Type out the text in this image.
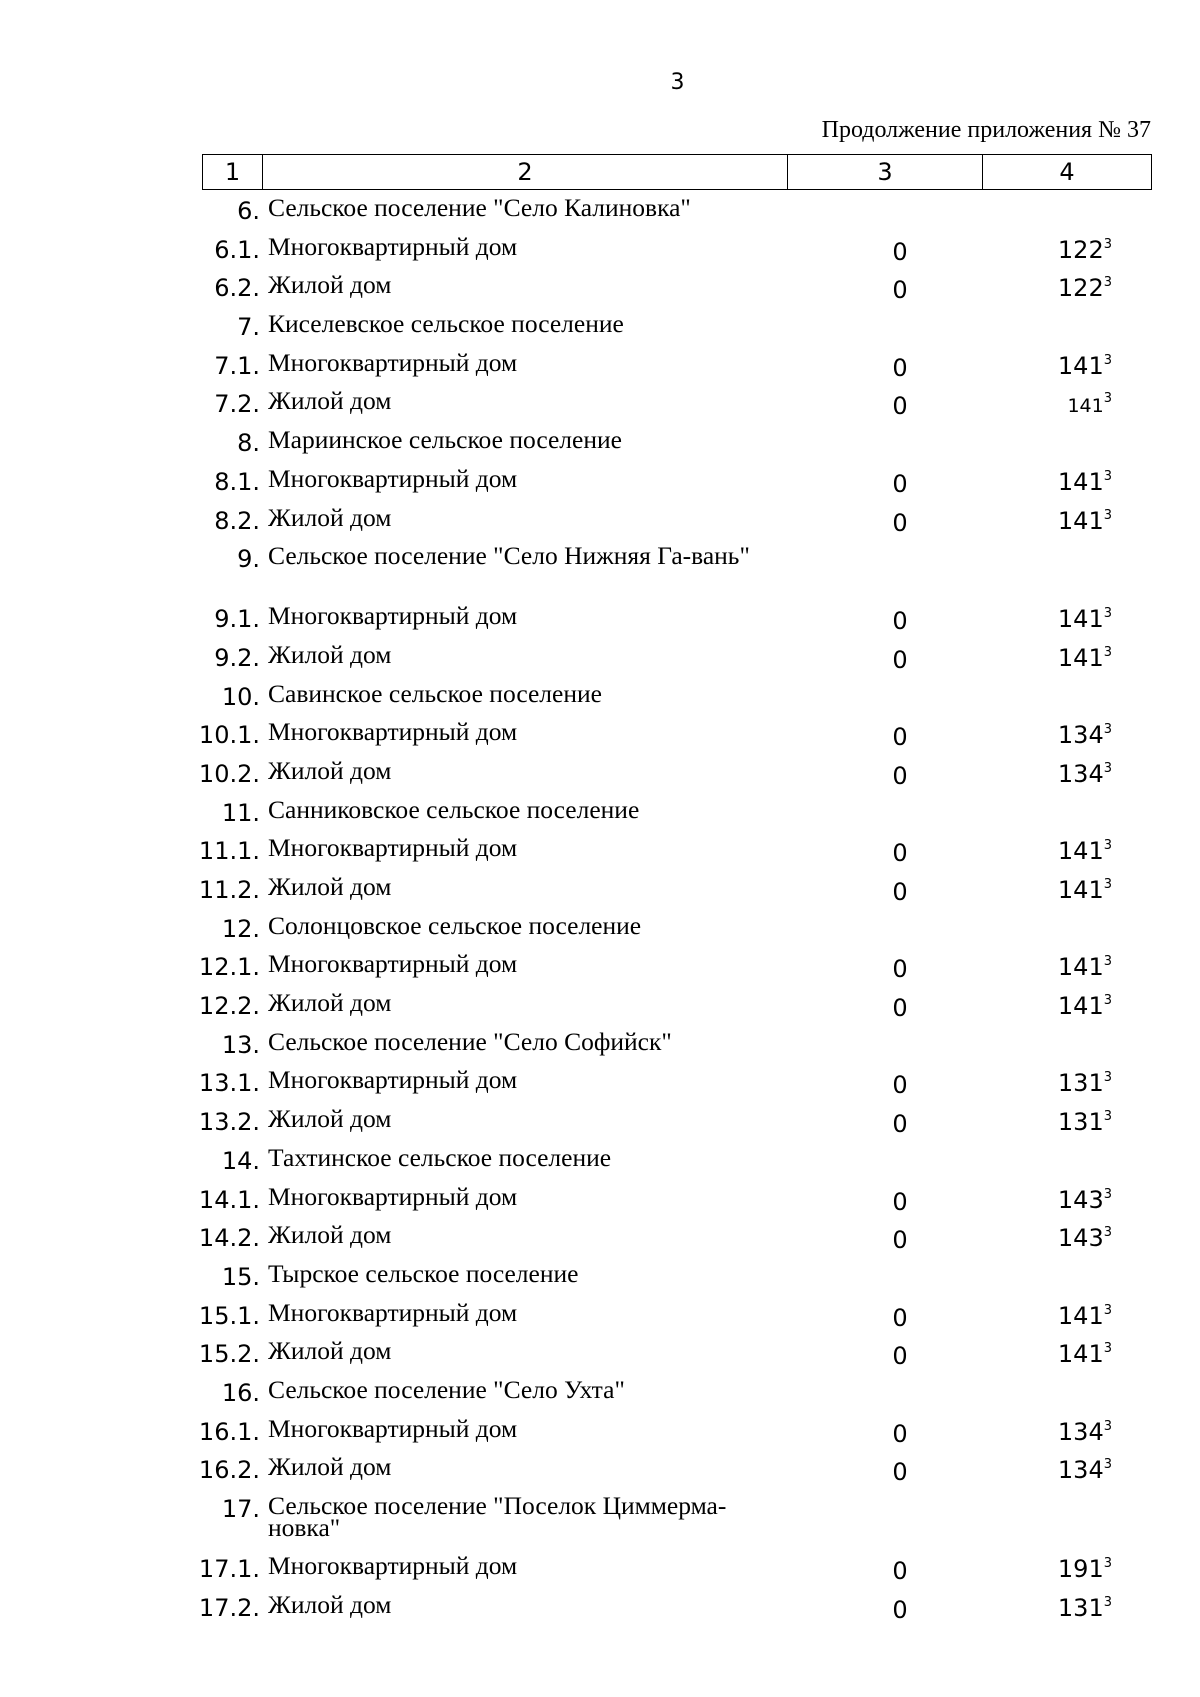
3
Продолжение приложения № 37
1	2	3	4
6. Сельское поселение "Село Калиновка"
6.1. Многоквартирный дом	0	$122^3$
6.2. Жилой дом	0	$122^3$
7. Киселевское сельское поселение
7.1. Многоквартирный дом	0	$141^3$
7.2. Жилой дом	0	$141^3$
8. Мариинское сельское поселение
8.1. Многоквартирный дом	0	$141^3$
8.2. Жилой дом	0	$141^3$
9. Сельское поселение "Село Нижняя Га-вань"
9.1. Многоквартирный дом	0	$141^3$
9.2. Жилой дом	0	$141^3$
10. Савинское сельское поселение
10.1. Многоквартирный дом	0	$134^3$
10.2. Жилой дом	0	$134^3$
11. Санниковское сельское поселение
11.1. Многоквартирный дом	0	$141^3$
11.2. Жилой дом	0	$141^3$
12. Солонцовское сельское поселение
12.1. Многоквартирный дом	0	$141^3$
12.2. Жилой дом	0	$141^3$
13. Сельское поселение "Село Софийск"
13.1. Многоквартирный дом	0	$131^3$
13.2. Жилой дом	0	$131^3$
14. Тахтинское сельское поселение
14.1. Многоквартирный дом	0	$143^3$
14.2. Жилой дом	0	$143^3$
15. Тырское сельское поселение
15.1. Многоквартирный дом	0	$141^3$
15.2. Жилой дом	0	$141^3$
16. Сельское поселение "Село Ухта"
16.1. Многоквартирный дом	0	$134^3$
16.2. Жилой дом	0	$134^3$
17. Сельское поселение "Поселок Циммерма-новка"
17.1. Многоквартирный дом	0	$191^3$
17.2. Жилой дом	0	$131^3$
